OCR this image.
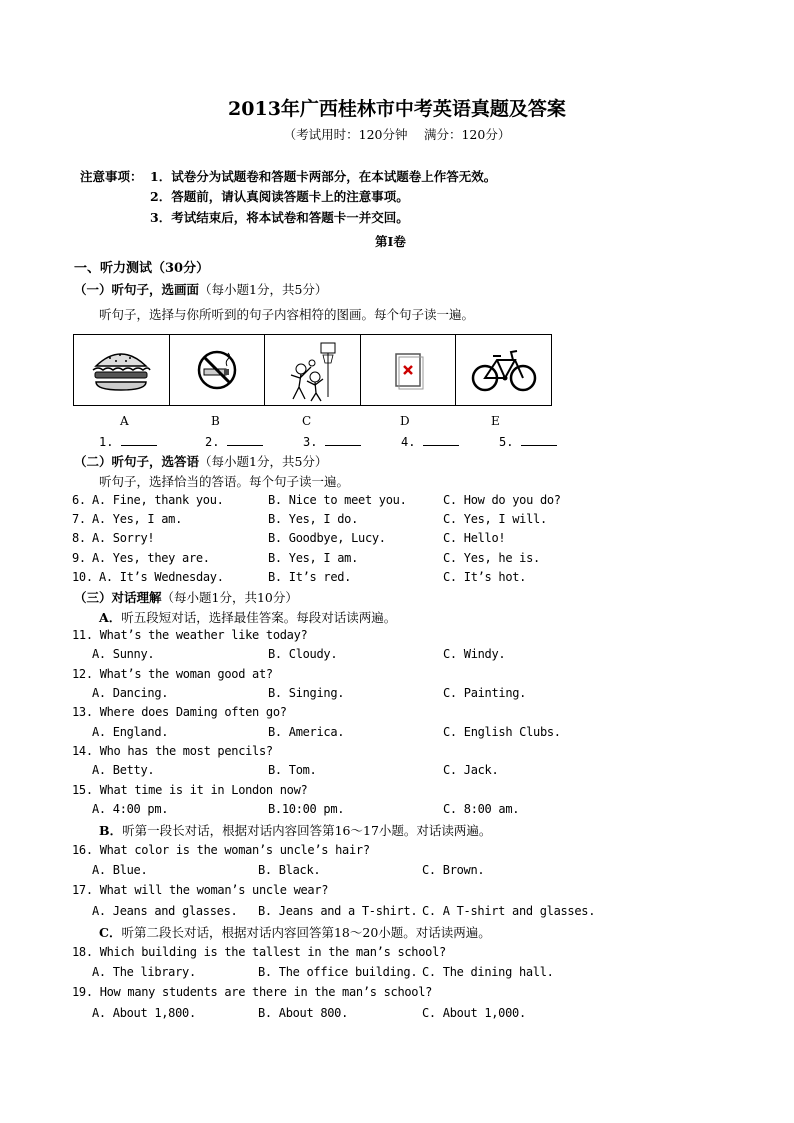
2013年广西桂林市中考英语真题及答案
（考试用时：120分钟　 满分：120分）
注意事项： 1．试卷分为试题卷和答题卡两部分，在本试题卷上作答无效。
2．答题前，请认真阅读答题卡上的注意事项。
3．考试结束后，将本试卷和答题卡一并交回。
第Ⅰ卷
一、听力测试（30分）
（一）听句子，选画面（每小题1分，共5分）
听句子，选择与你所听到的句子内容相符的图画。每个句子读一遍。
A	B	C	D	E
1.	2.	3.	4.	5.
（二）听句子，选答语（每小题1分，共5分）
听句子，选择恰当的答语。每个句子读一遍。
6. A. Fine, thank you.	B. Nice to meet you.	C. How do you do?
7. A. Yes, I am.	B. Yes, I do.	C. Yes, I will.
8. A. Sorry!	B. Goodbye, Lucy.	C. Hello!
9. A. Yes, they are.	B. Yes, I am.	C. Yes, he is.
10. A. It’s Wednesday.	B. It’s red.	C. It’s hot.
（三）对话理解（每小题1分，共10分）
A．听五段短对话，选择最佳答案。每段对话读两遍。
11. What’s the weather like today?
A. Sunny.	B. Cloudy.	C. Windy.
12. What’s the woman good at?
A. Dancing.	B. Singing.	C. Painting.
13. Where does Daming often go?
A. England.	B. America.	C. English Clubs.
14. Who has the most pencils?
A. Betty.	B. Tom.	C. Jack.
15. What time is it in London now?
A. 4:00 pm.	B.10:00 pm.	C. 8:00 am.
B．听第一段长对话，根据对话内容回答第16～17小题。对话读两遍。
16. What color is the woman’s uncle’s hair?
A. Blue.	B. Black.	C. Brown.
17. What will the woman’s uncle wear?
A. Jeans and glasses. B. Jeans and a T-shirt. C. A T-shirt and glasses.
C．听第二段长对话，根据对话内容回答第18～20小题。对话读两遍。
18. Which building is the tallest in the man’s school?
A. The library.	B. The office building. C. The dining hall.
19. How many students are there in the man’s school?
A. About 1,800.	B. About 800.	C. About 1,000.
